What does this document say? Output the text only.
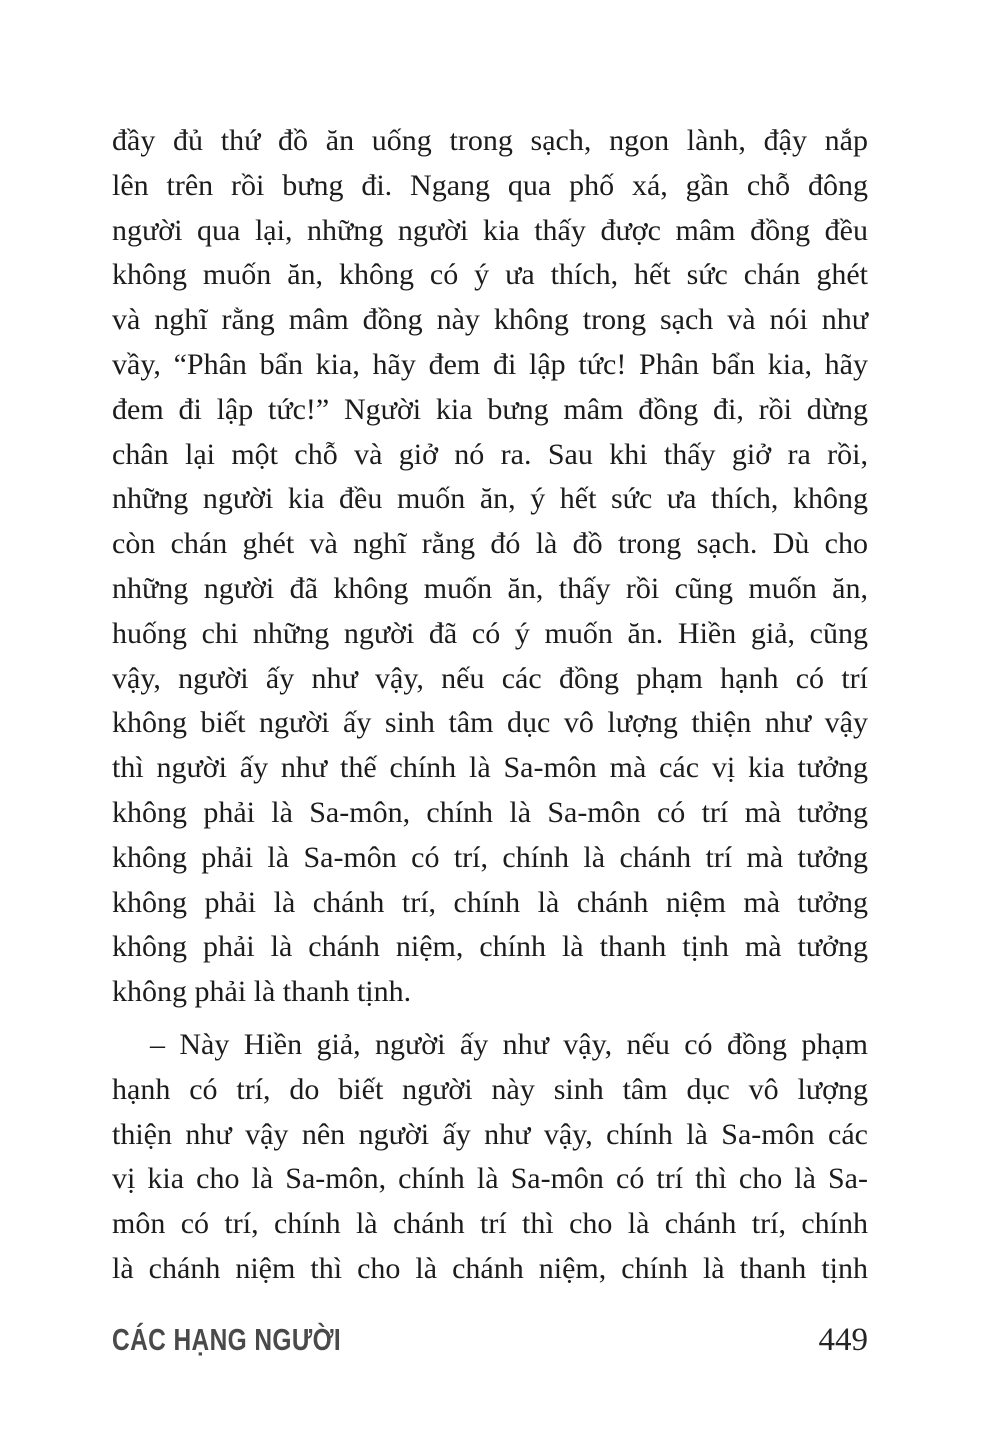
đầy đủ thứ đồ ăn uống trong sạch, ngon lành, đậy nắp
lên trên rồi bưng đi. Ngang qua phố xá, gần chỗ đông
người qua lại, những người kia thấy được mâm đồng đều
không muốn ăn, không có ý ưa thích, hết sức chán ghét
và nghĩ rằng mâm đồng này không trong sạch và nói như
vầy, “Phân bẩn kia, hãy đem đi lập tức! Phân bẩn kia, hãy
đem đi lập tức!” Người kia bưng mâm đồng đi, rồi dừng
chân lại một chỗ và giở nó ra. Sau khi thấy giở ra rồi,
những người kia đều muốn ăn, ý hết sức ưa thích, không
còn chán ghét và nghĩ rằng đó là đồ trong sạch. Dù cho
những người đã không muốn ăn, thấy rồi cũng muốn ăn,
huống chi những người đã có ý muốn ăn. Hiền giả, cũng
vậy, người ấy như vậy, nếu các đồng phạm hạnh có trí
không biết người ấy sinh tâm dục vô lượng thiện như vậy
thì người ấy như thế chính là Sa-môn mà các vị kia tưởng
không phải là Sa-môn, chính là Sa-môn có trí mà tưởng
không phải là Sa-môn có trí, chính là chánh trí mà tưởng
không phải là chánh trí, chính là chánh niệm mà tưởng
không phải là chánh niệm, chính là thanh tịnh mà tưởng
không phải là thanh tịnh.
– Này Hiền giả, người ấy như vậy, nếu có đồng phạm
hạnh có trí, do biết người này sinh tâm dục vô lượng
thiện như vậy nên người ấy như vậy, chính là Sa-môn các
vị kia cho là Sa-môn, chính là Sa-môn có trí thì cho là Sa-
môn có trí, chính là chánh trí thì cho là chánh trí, chính
là chánh niệm thì cho là chánh niệm, chính là thanh tịnh
CÁC HẠNG NGƯỜI	449
